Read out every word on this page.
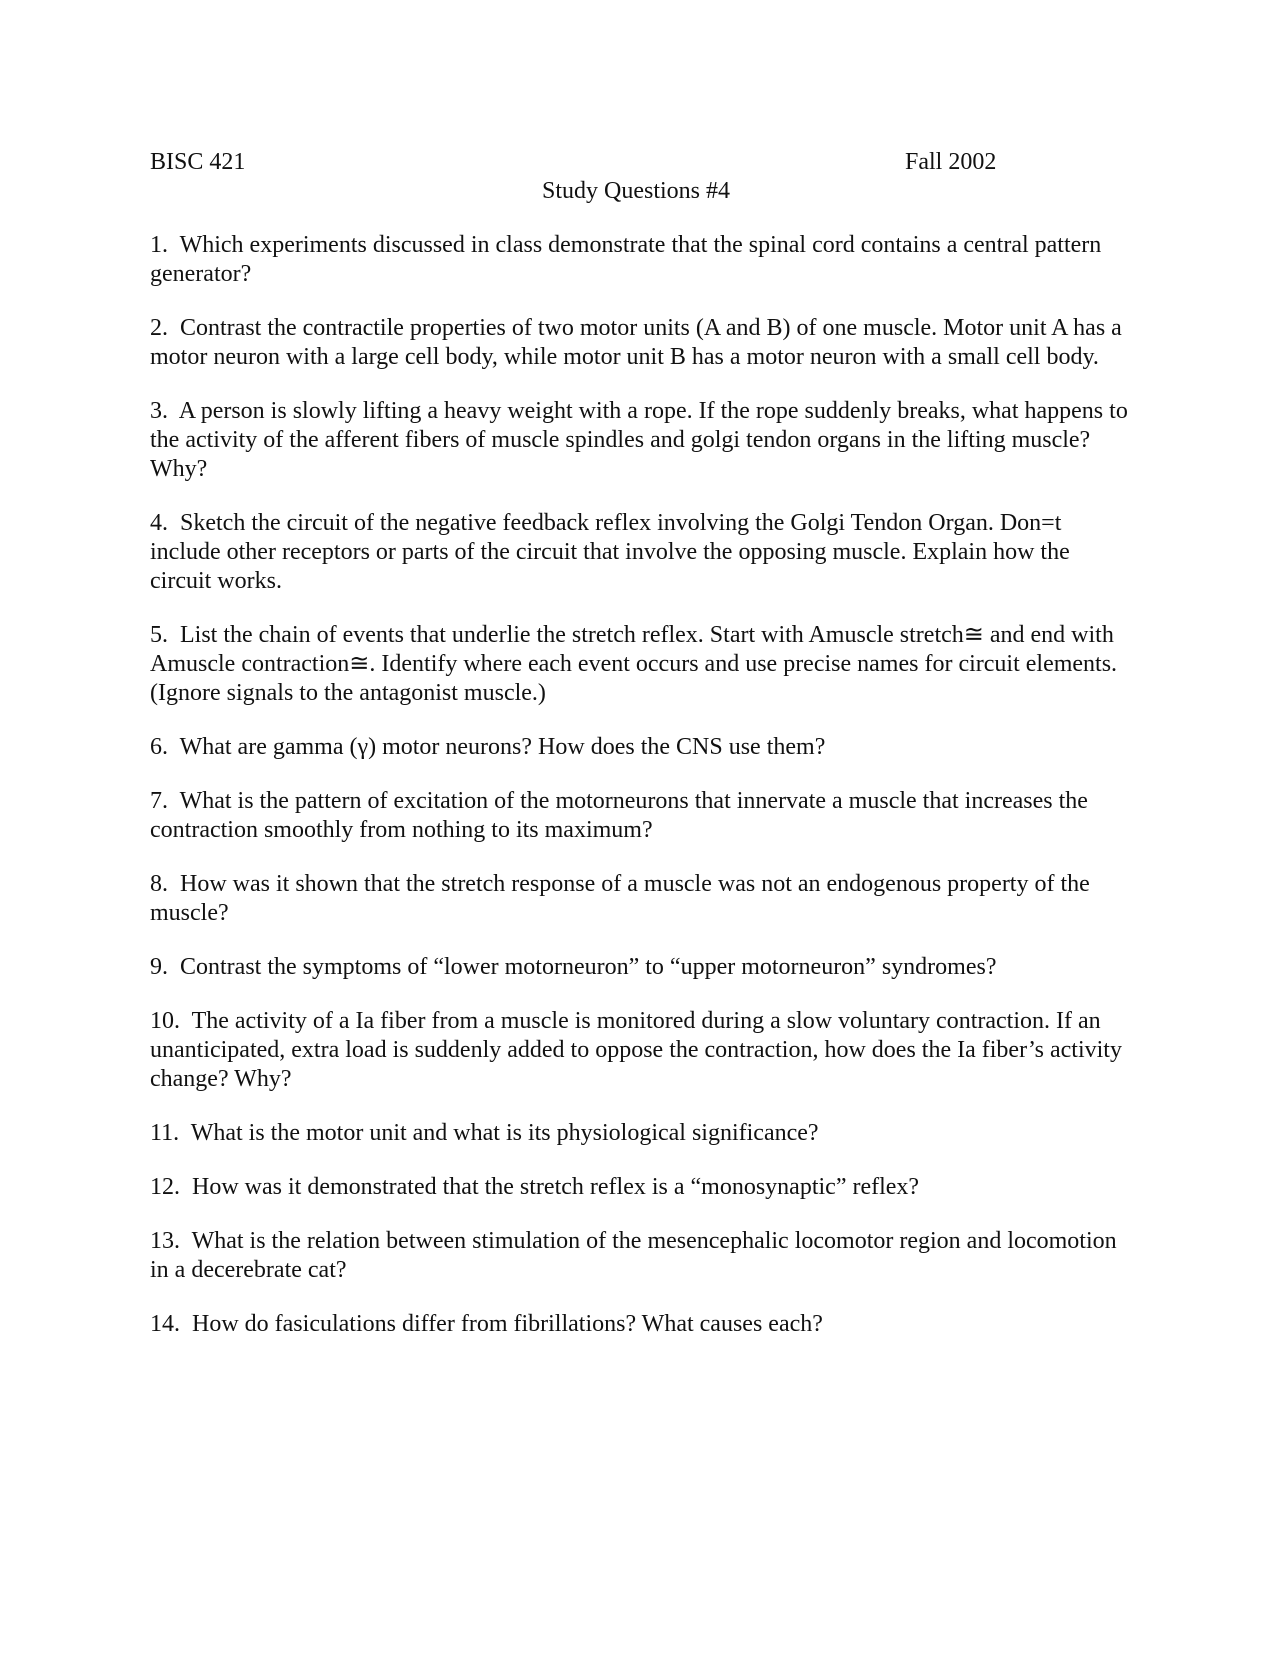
BISC 421	Fall 2002
Study Questions #4
1. Which experiments discussed in class demonstrate that the spinal cord contains a central pattern generator?
2. Contrast the contractile properties of two motor units (A and B) of one muscle. Motor unit A has a motor neuron with a large cell body, while motor unit B has a motor neuron with a small cell body.
3. A person is slowly lifting a heavy weight with a rope. If the rope suddenly breaks, what happens to the activity of the afferent fibers of muscle spindles and golgi tendon organs in the lifting muscle? Why?
4. Sketch the circuit of the negative feedback reflex involving the Golgi Tendon Organ. Don=t include other receptors or parts of the circuit that involve the opposing muscle. Explain how the circuit works.
5. List the chain of events that underlie the stretch reflex. Start with Amuscle stretch≅ and end with Amuscle contraction≅. Identify where each event occurs and use precise names for circuit elements. (Ignore signals to the antagonist muscle.)
6. What are gamma (γ) motor neurons? How does the CNS use them?
7. What is the pattern of excitation of the motorneurons that innervate a muscle that increases the contraction smoothly from nothing to its maximum?
8. How was it shown that the stretch response of a muscle was not an endogenous property of the muscle?
9. Contrast the symptoms of “lower motorneuron” to “upper motorneuron” syndromes?
10. The activity of a Ia fiber from a muscle is monitored during a slow voluntary contraction. If an unanticipated, extra load is suddenly added to oppose the contraction, how does the Ia fiber’s activity change? Why?
11. What is the motor unit and what is its physiological significance?
12. How was it demonstrated that the stretch reflex is a “monosynaptic” reflex?
13. What is the relation between stimulation of the mesencephalic locomotor region and locomotion in a decerebrate cat?
14. How do fasiculations differ from fibrillations? What causes each?
